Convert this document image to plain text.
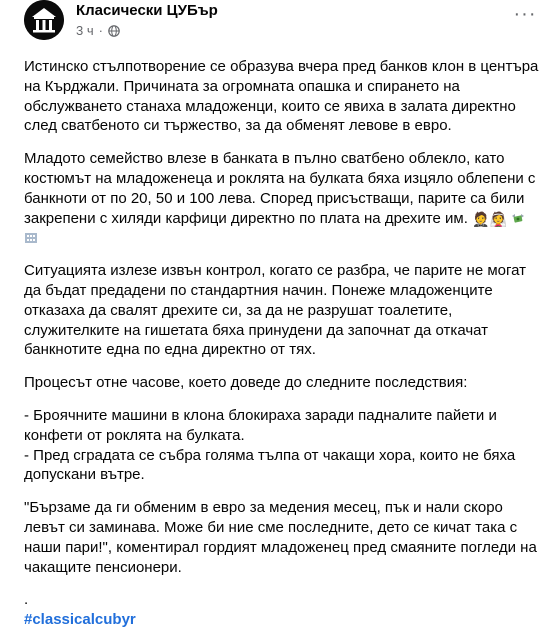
Класически ЦУБър
3 ч ·
···

Истинско стълпотворение се образува вчера пред банков клон в центъра на Кърджали. Причината за огромната опашка и спирането на обслужването станаха младоженци, които се явиха в залата директно след сватбеното си тържество, за да обменят левове в евро.

Младото семейство влезе в банката в пълно сватбено облекло, като костюмът на младоженеца и роклята на булката бяха изцяло облепени с банкноти от по 20, 50 и 100 лева. Според присъстващи, парите са били закрепени с хиляди карфици директно по платa на дрехите им. 🤵👰

Ситуацията излезе извън контрол, когато се разбра, че парите не могат да бъдат предадени по стандартния начин. Понеже младоженците отказаха да свалят дрехите си, за да не разрушат тоалетите, служителките на гишетата бяха принудени да започнат да откачат банкнотите една по една директно от тях.

Процесът отне часове, което доведе до следните последствия:

- Броячните машини в клона блокираха заради падналите пайети и конфети от роклята на булката.
- Пред сградата се събра голяма тълпа от чакащи хора, които не бяха допускани вътре.

"Бързаме да ги обменим в евро за медения месец, пък и нали скоро левът си заминава. Може би ние сме последните, дето се кичат така с наши пари!", коментирал гордият младоженец пред смаяните погледи на чакащите пенсионери.

.

#classicalcubyr
